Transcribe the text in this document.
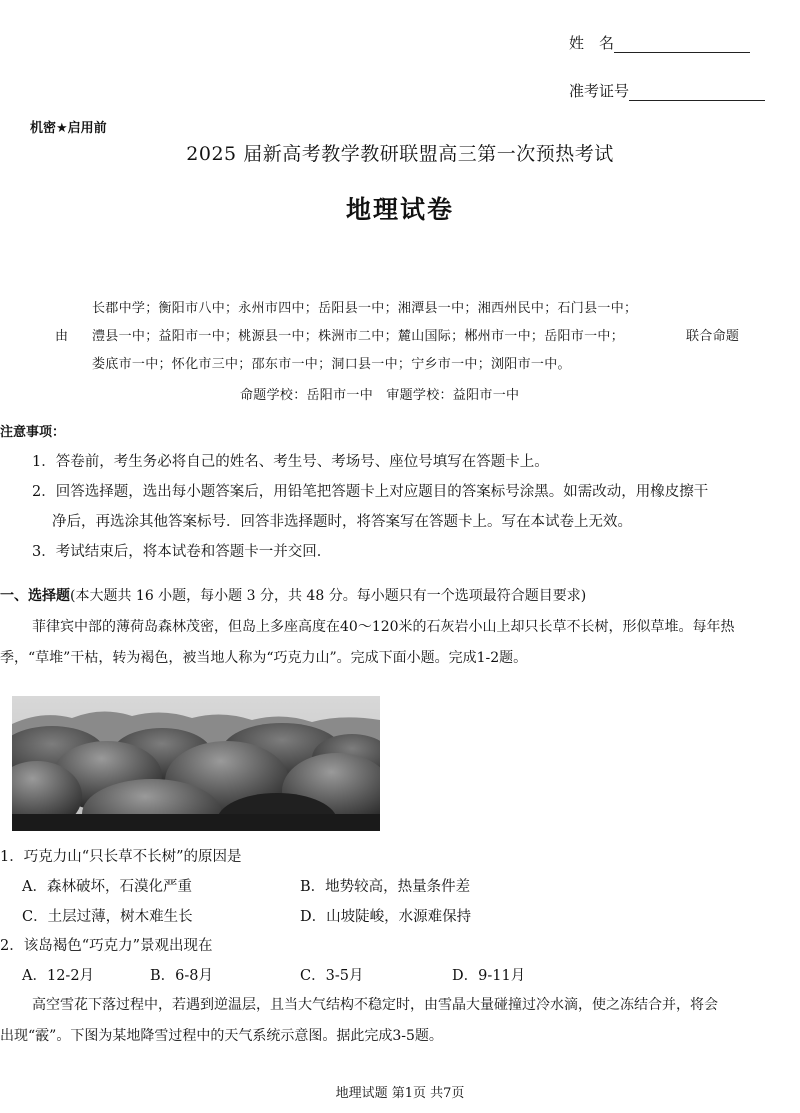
姓　名
准考证号
机密★启用前
2025 届新高考教学教研联盟高三第一次预热考试
地理试卷
长郡中学；衡阳市八中；永州市四中；岳阳县一中；湘潭县一中；湘西州民中；石门县一中；
由 澧县一中；益阳市一中；桃源县一中；株洲市二中；麓山国际；郴州市一中；岳阳市一中；	联合命题
娄底市一中；怀化市三中；邵东市一中；洞口县一中；宁乡市一中；浏阳市一中。
命题学校：岳阳市一中　审题学校：益阳市一中
注意事项：
1．答卷前，考生务必将自己的姓名、考生号、考场号、座位号填写在答题卡上。
2．回答选择题，选出每小题答案后，用铅笔把答题卡上对应题目的答案标号涂黑。如需改动，用橡皮擦干
净后，再选涂其他答案标号．回答非选择题时，将答案写在答题卡上。写在本试卷上无效。
3．考试结束后，将本试卷和答题卡一并交回．
一、选择题(本大题共 16 小题，每小题 3 分，共 48 分。每小题只有一个选项最符合题目要求)
菲律宾中部的薄荷岛森林茂密，但岛上多座高度在40～120米的石灰岩小山上却只长草不长树，形似草堆。每年热
季，“草堆”干枯，转为褐色，被当地人称为“巧克力山”。完成下面小题。完成1-2题。
1．巧克力山“只长草不长树”的原因是
A．森林破坏，石漠化严重	B．地势较高，热量条件差
C．土层过薄，树木难生长	D．山坡陡峻，水源难保持
2．该岛褐色“巧克力”景观出现在
A．12-2月	B．6-8月	C．3-5月	D．9-11月
高空雪花下落过程中，若遇到逆温层，且当大气结构不稳定时，由雪晶大量碰撞过冷水滴，使之冻结合并，将会
出现“霰”。下图为某地降雪过程中的天气系统示意图。据此完成3-5题。
地理试题 第1页 共7页
